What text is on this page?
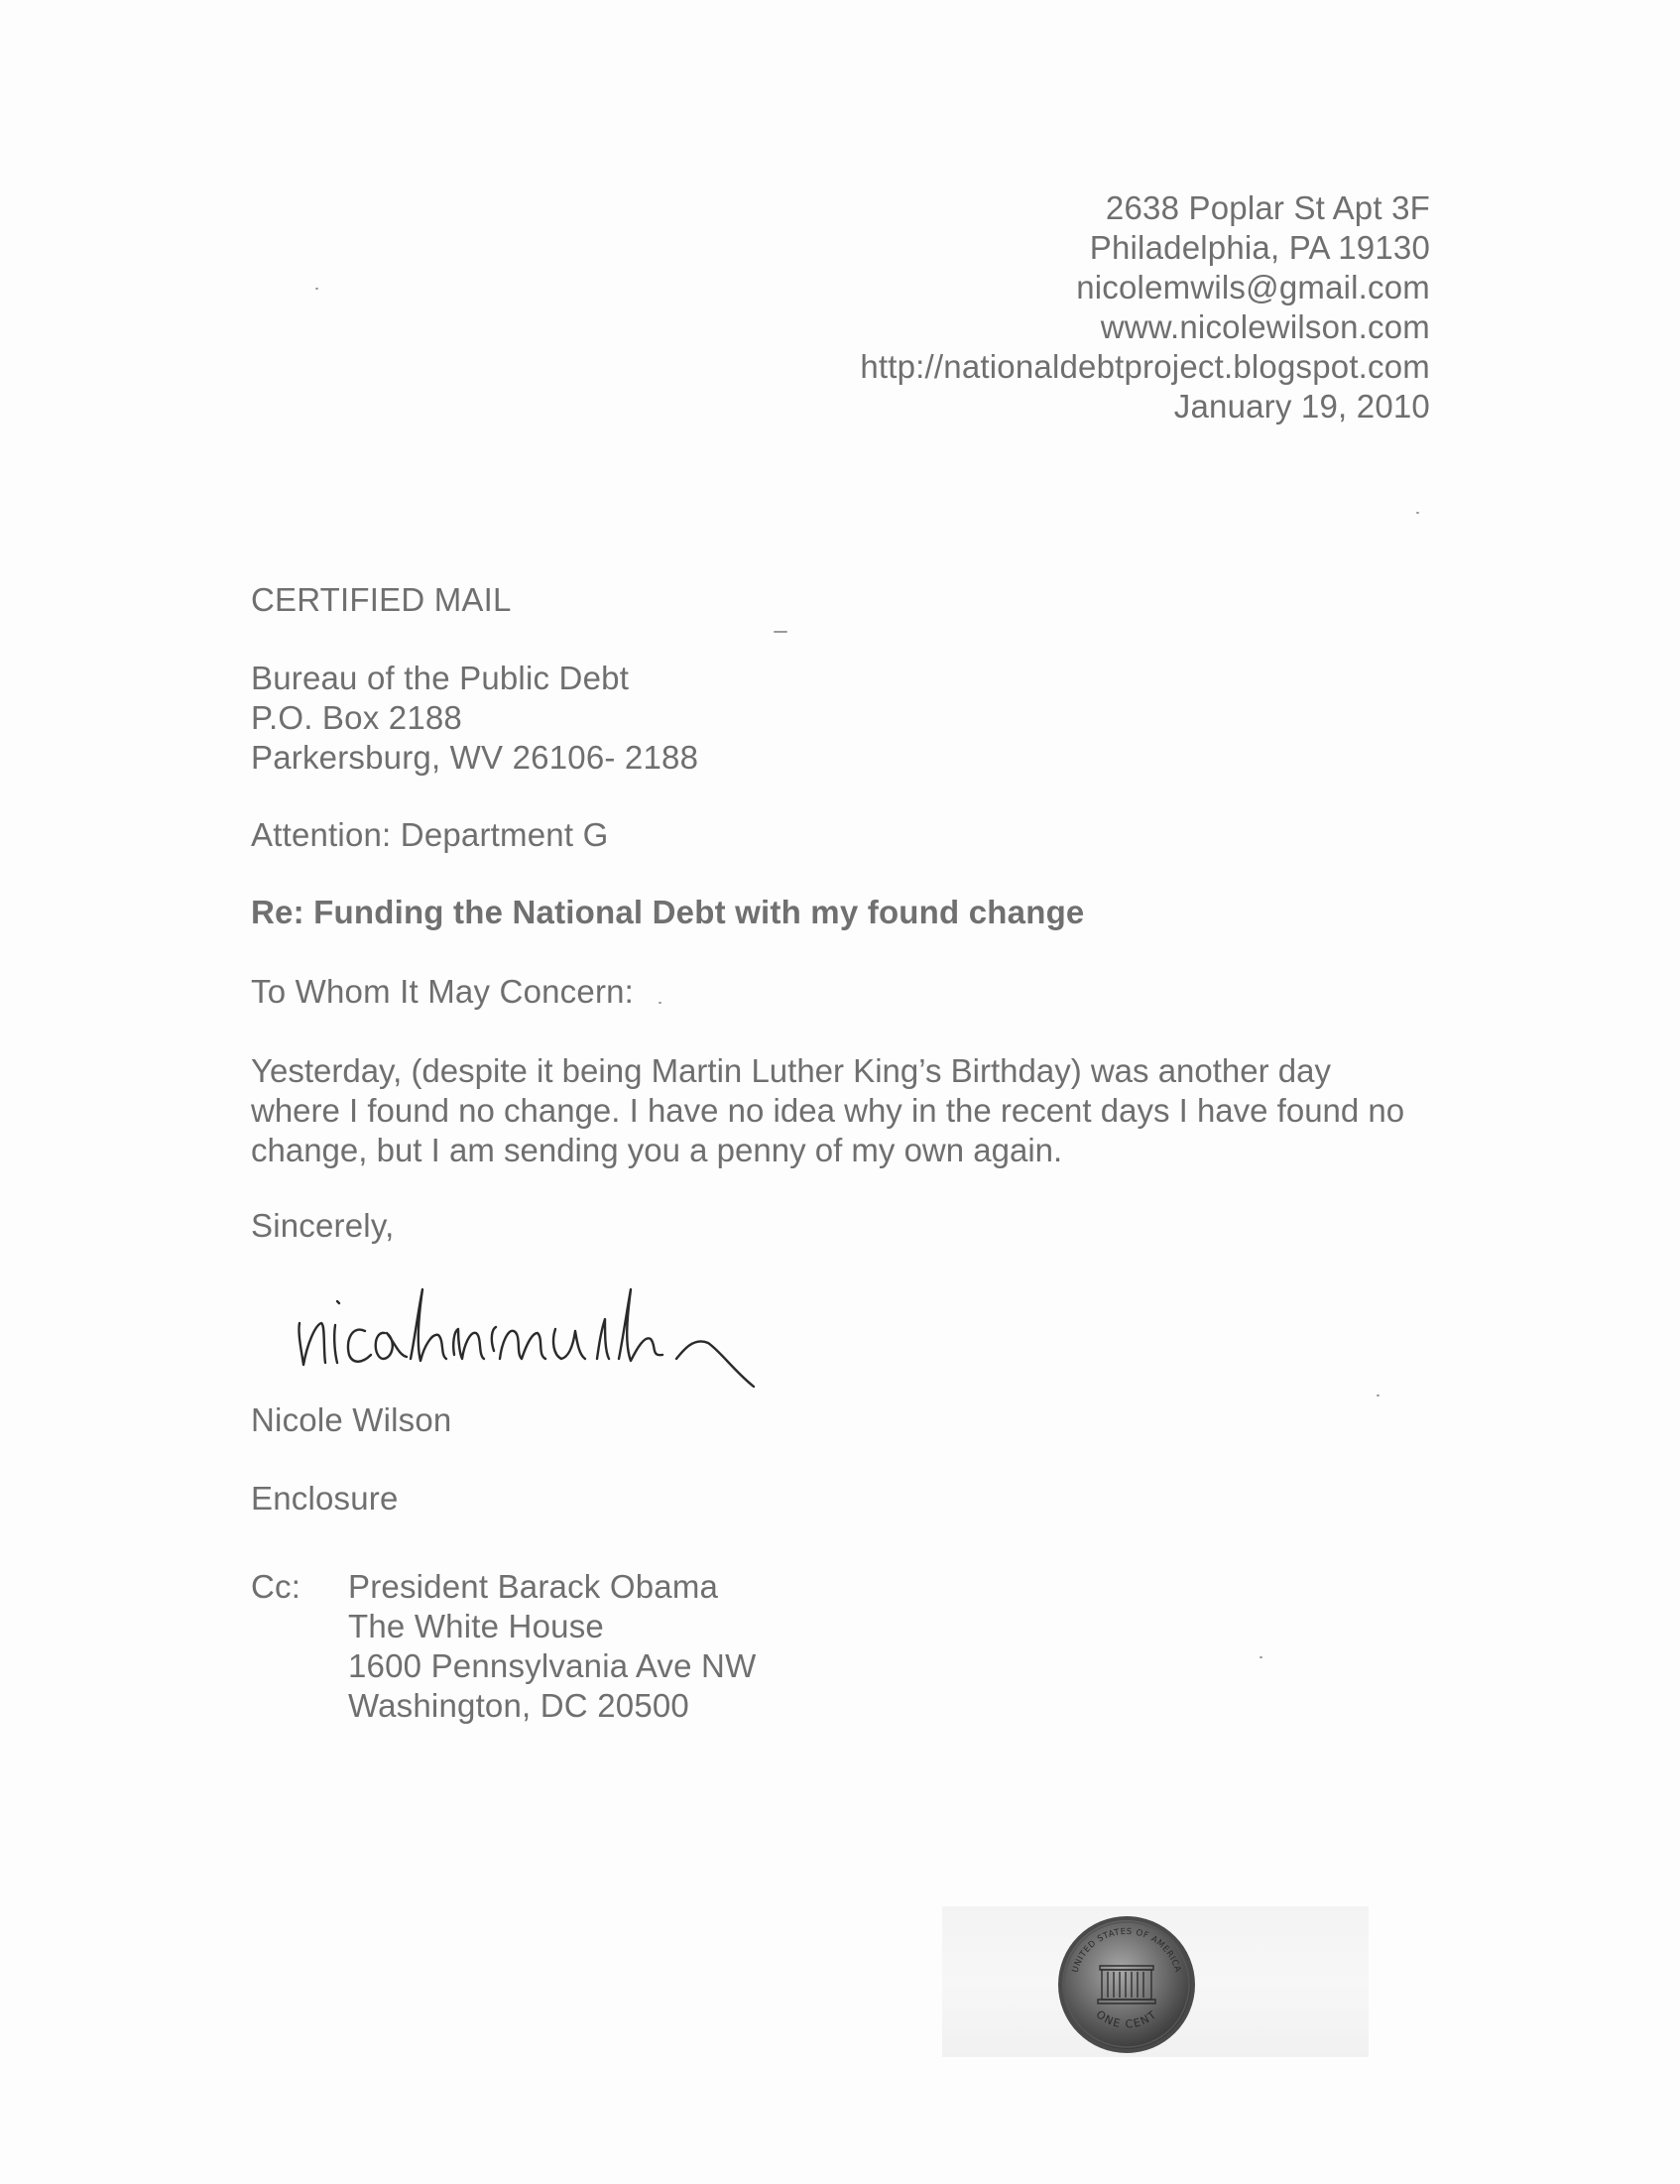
2638 Poplar St Apt 3F
Philadelphia, PA 19130
nicolemwils@gmail.com
www.nicolewilson.com
http://nationaldebtproject.blogspot.com
January 19, 2010
CERTIFIED MAIL
Bureau of the Public Debt
P.O. Box 2188
Parkersburg, WV 26106- 2188
Attention: Department G
Re: Funding the National Debt with my found change
To Whom It May Concern:
Yesterday, (despite it being Martin Luther King’s Birthday) was another day
where I found no change. I have no idea why in the recent days I have found no
change, but I am sending you a penny of my own again.
Sincerely,
Nicole Wilson
Enclosure
Cc: President Barack Obama
The White House
1600 Pennsylvania Ave NW
Washington, DC 20500
UNITED STATES OF AMERICA
ONE CENT
